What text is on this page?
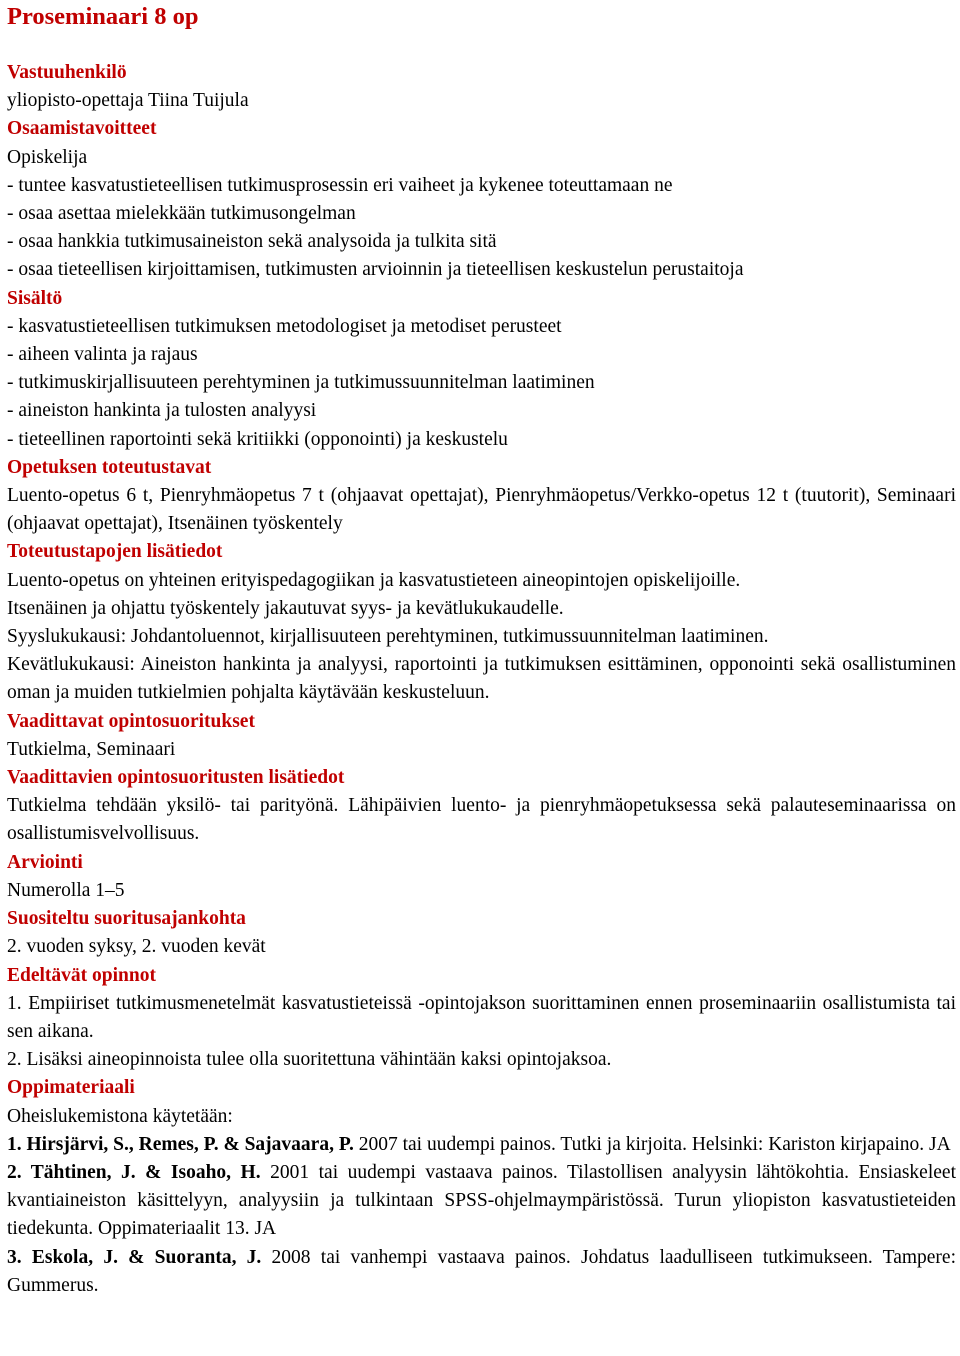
Proseminaari 8 op
Vastuuhenkilö

yliopisto-opettaja Tiina Tuijula

Osaamistavoitteet

Opiskelija

- tuntee kasvatustieteellisen tutkimusprosessin eri vaiheet ja kykenee toteuttamaan ne

- osaa asettaa mielekkään tutkimusongelman

- osaa hankkia tutkimusaineiston sekä analysoida ja tulkita sitä

- osaa tieteellisen kirjoittamisen, tutkimusten arvioinnin ja tieteellisen keskustelun perustaitoja

Sisältö

- kasvatustieteellisen tutkimuksen metodologiset ja metodiset perusteet

- aiheen valinta ja rajaus

- tutkimuskirjallisuuteen perehtyminen ja tutkimussuunnitelman laatiminen

- aineiston hankinta ja tulosten analyysi

- tieteellinen raportointi sekä kritiikki (opponointi) ja keskustelu

Opetuksen toteutustavat

Luento-opetus 6 t, Pienryhmäopetus 7 t (ohjaavat opettajat), Pienryhmäopetus/Verkko-opetus 12 t (tuutorit), Seminaari (ohjaavat opettajat), Itsenäinen työskentely

Toteutustapojen lisätiedot

Luento-opetus on yhteinen erityispedagogiikan ja kasvatustieteen aineopintojen opiskelijoille.

Itsenäinen ja ohjattu työskentely jakautuvat syys- ja kevätlukukaudelle.

Syyslukukausi: Johdantoluennot, kirjallisuuteen perehtyminen, tutkimussuunnitelman laatiminen.

Kevätlukukausi: Aineiston hankinta ja analyysi, raportointi ja tutkimuksen esittäminen, opponointi sekä osallistuminen oman ja muiden tutkielmien pohjalta käytävään keskusteluun.

Vaadittavat opintosuoritukset

Tutkielma, Seminaari

Vaadittavien opintosuoritusten lisätiedot

Tutkielma tehdään yksilö- tai parityönä. Lähipäivien luento- ja pienryhmäopetuksessa sekä palauteseminaarissa on osallistumisvelvollisuus.

Arviointi

Numerolla 1–5

Suositeltu suoritusajankohta

2. vuoden syksy, 2. vuoden kevät

Edeltävät opinnot

1. Empiiriset tutkimusmenetelmät kasvatustieteissä -opintojakson suorittaminen ennen proseminaariin osallistumista tai sen aikana.

2. Lisäksi aineopinnoista tulee olla suoritettuna vähintään kaksi opintojaksoa.

Oppimateriaali

Oheislukemistona käytetään:

1. Hirsjärvi, S., Remes, P. & Sajavaara, P. 2007 tai uudempi painos. Tutki ja kirjoita. Helsinki: Kariston kirjapaino. JA

2. Tähtinen, J. & Isoaho, H. 2001 tai uudempi vastaava painos. Tilastollisen analyysin lähtökohtia. Ensiaskeleet kvantiaineiston käsittelyyn, analyysiin ja tulkintaan SPSS-ohjelmaympäristössä. Turun yliopiston kasvatustieteiden tiedekunta. Oppimateriaalit 13. JA

3. Eskola, J. & Suoranta, J. 2008 tai vanhempi vastaava painos. Johdatus laadulliseen tutkimukseen. Tampere: Gummerus.
